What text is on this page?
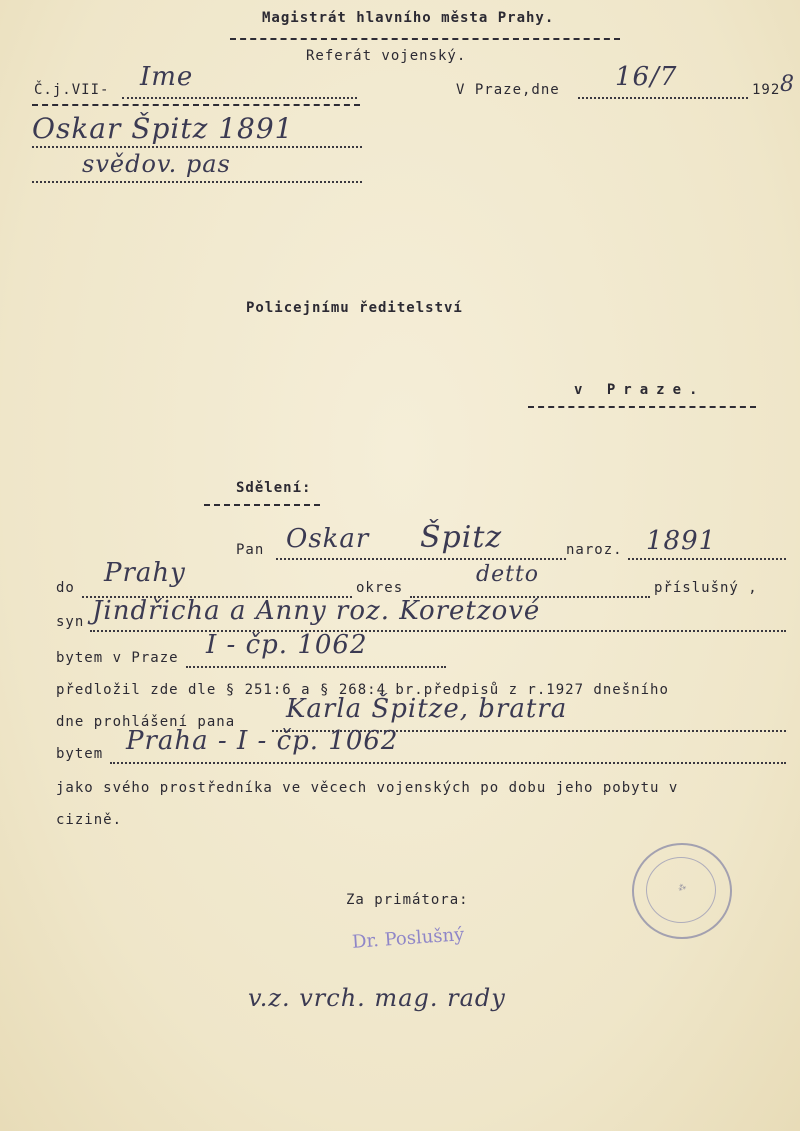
Magistrát hlavního města Prahy.
Referát vojenský.
Č.j.VII- Ime	V Praze,dne 16/7	192 8
Oskar Špitz 1891
svědov. pas
Policejnímu ředitelství
v Praze.
Sdělení:
Pan Oskar Špitz	naroz. 1891
do Prahy	okres
detto
příslušný ,
syn Jindřicha a Anny roz. Koretzové
bytem v Praze I - čp. 1062
předložil zde dle § 251:6 a § 268:4 br.předpisů z r.1927 dnešního
dne prohlášení pana Karla Špitze, bratra
bytem Praha - I - čp. 1062
jako svého prostředníka ve věcech vojenských po dobu jeho pobytu v
cizině.
Za primátora:
Dr. Poslušný
v.z. vrch. mag. rady
⁂
